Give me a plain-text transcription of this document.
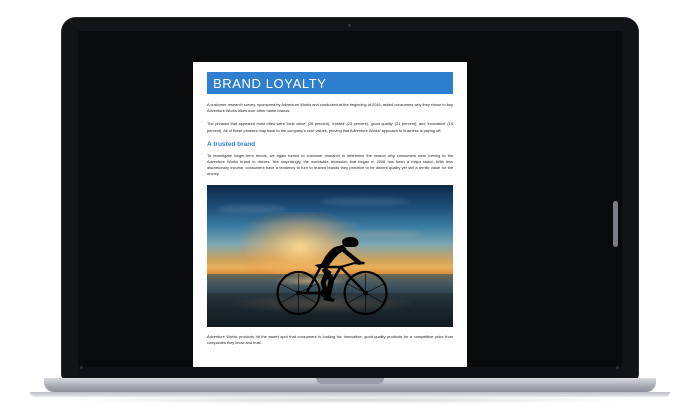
BRAND LOYALTY

A customer research survey, sponsored by Adventure Works and conducted at the beginning of 2016, asked consumers why they chose to buy Adventure Works bikes over other name brands.

The phrases that appeared most often were 'best value' (26 percent), 'trusted' (23 percent), 'good quality' (21 percent), and 'innovative' (19 percent). All of these phrases map back to the company's core values, proving that Adventure Works' approach to business is paying off.

A trusted brand

To investigate longer-term trends, we again turned to customer research to determine the reason why consumers were turning to the Adventure Works brand in droves. Not surprisingly, the worldwide recession that began in 2008 has been a major factor. With less discretionary income, consumers have a tendency to turn to trusted brands they perceive to be decent quality yet still a terrific value for the money.

Adventure Works products hit the sweet spot that consumers is looking for: innovative, good-quality products for a competitive price from companies they know and trust.
